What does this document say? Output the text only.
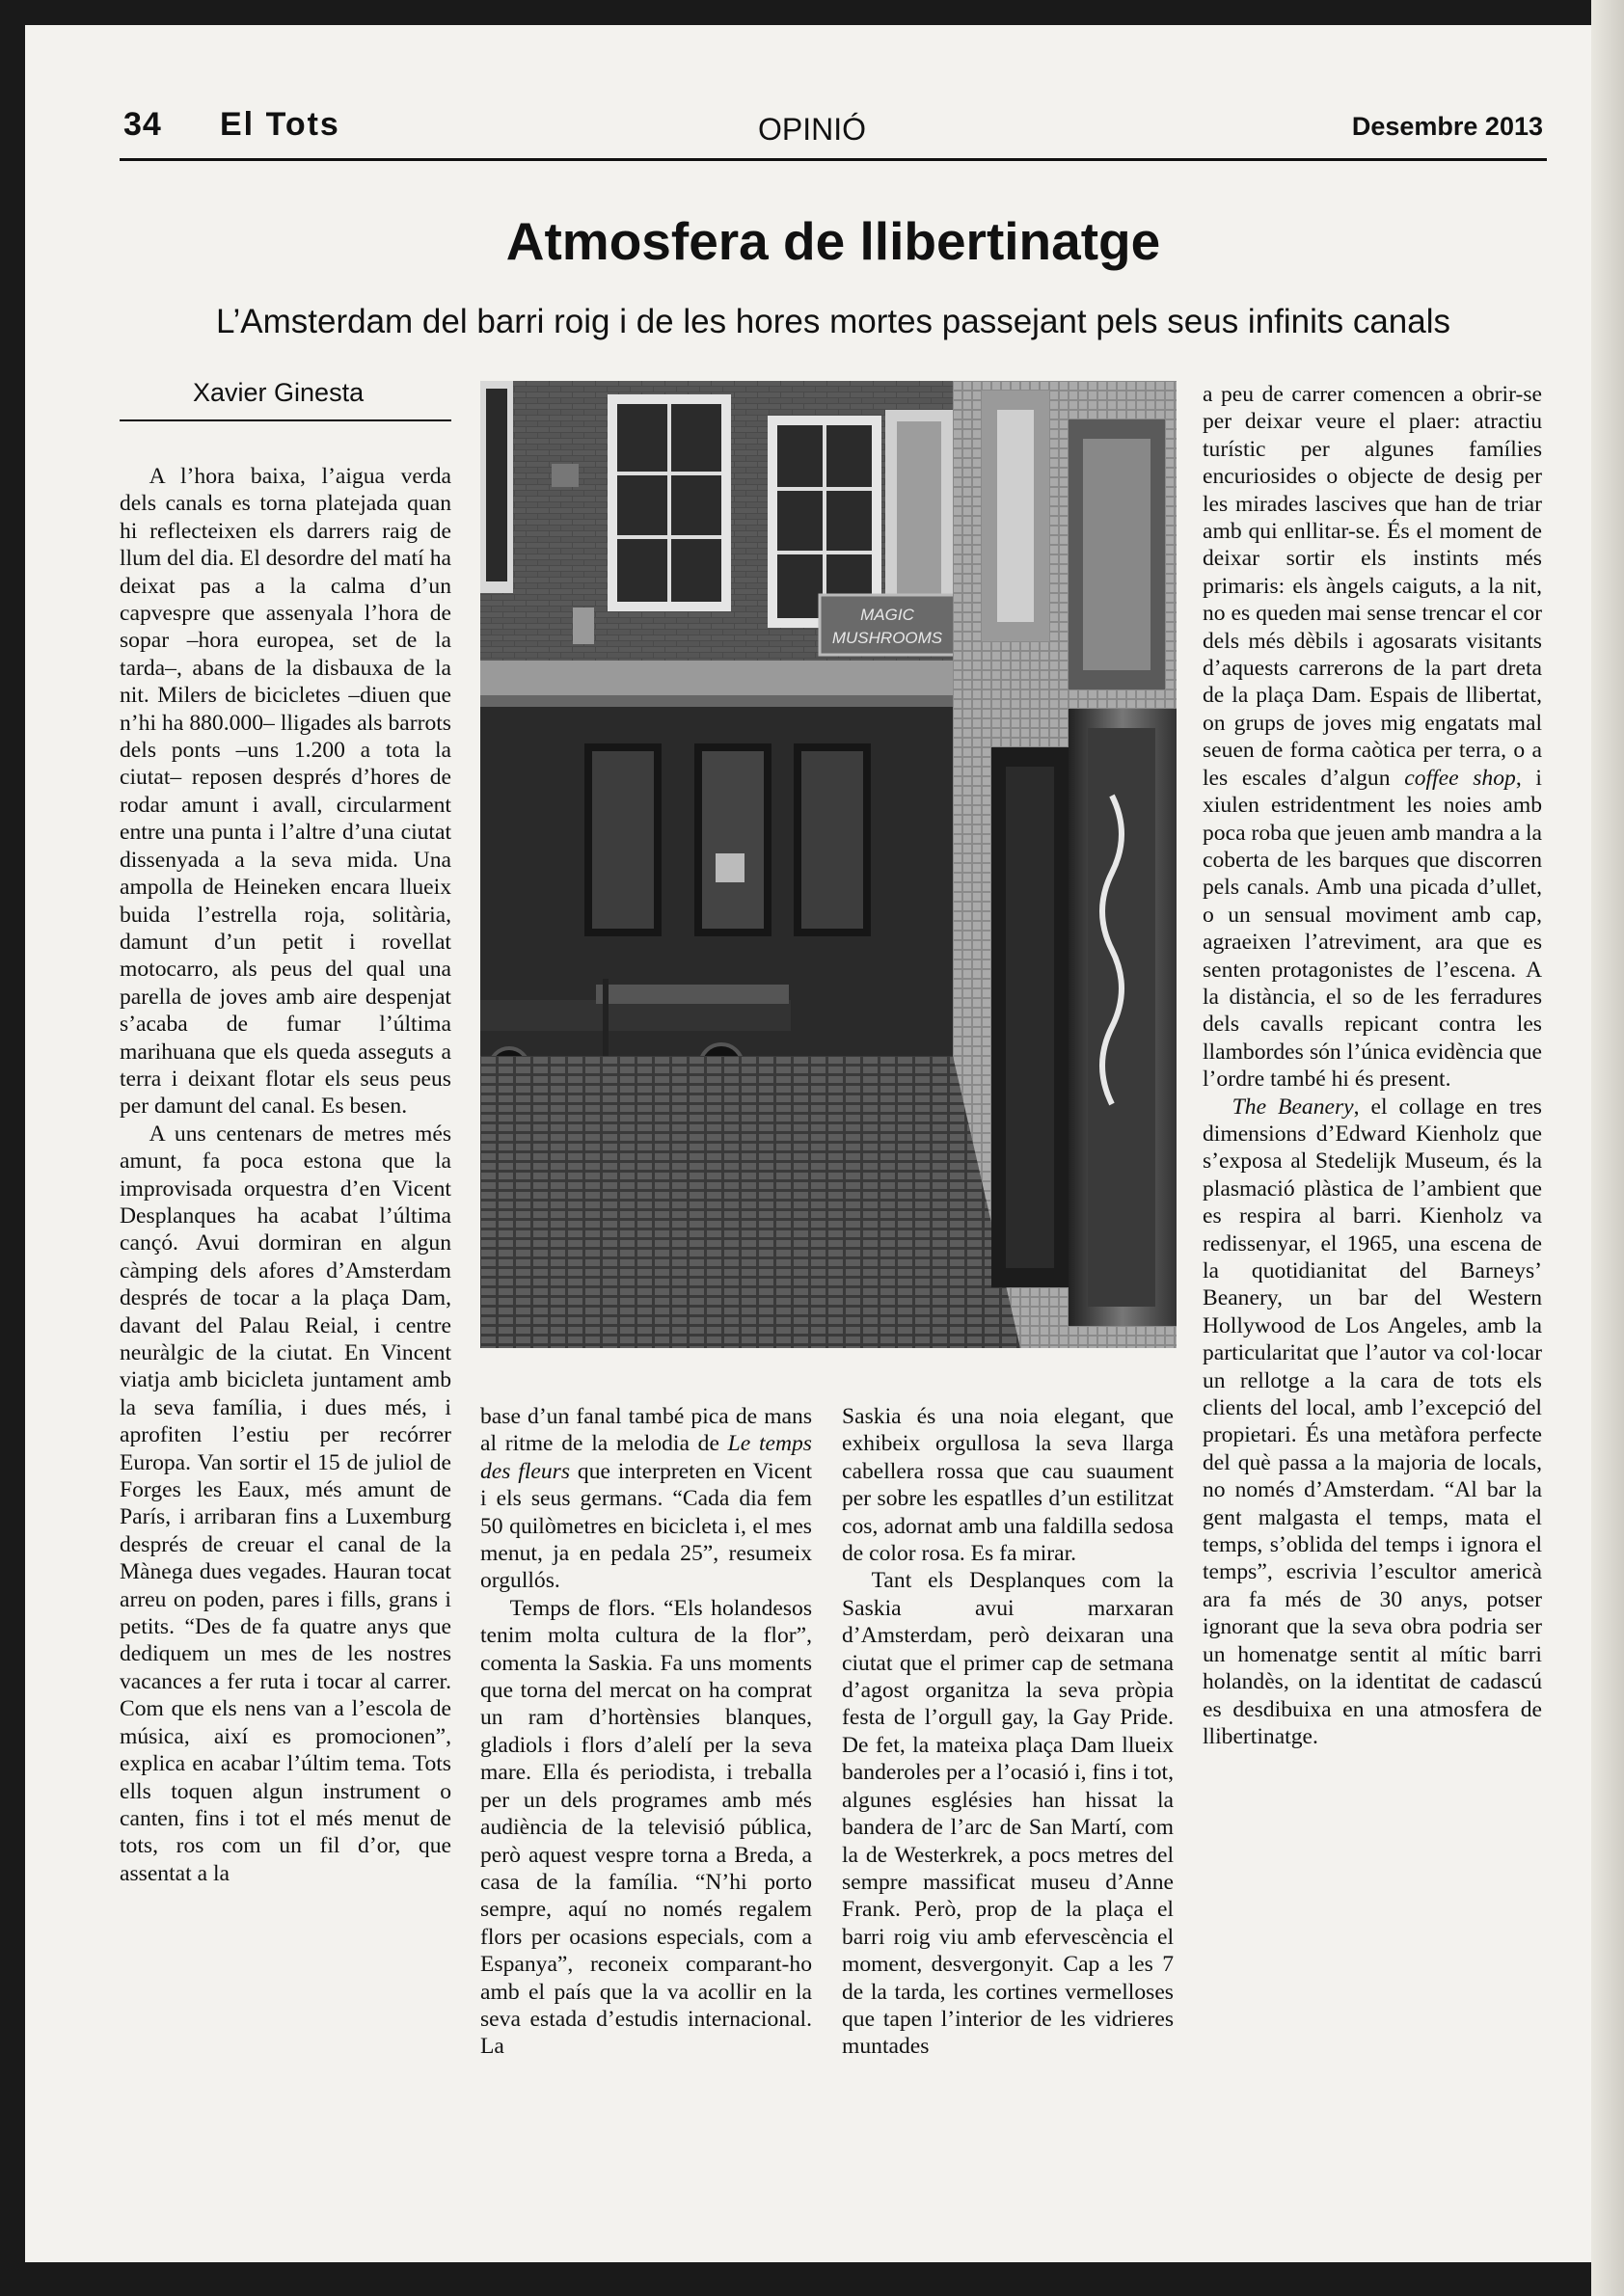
34 El Tots	OPINIÓ	Desembre 2013
Atmosfera de llibertinatge
L’Amsterdam del barri roig i de les hores mortes passejant pels seus infinits canals
Xavier Ginesta

A l’hora baixa, l’aigua verda dels canals es torna platejada quan hi reflecteixen els darrers raig de llum del dia. El desordre del matí ha deixat pas a la calma d’un capvespre que assenyala l’hora de sopar –hora europea, set de la tarda–, abans de la disbauxa de la nit. Milers de bicicletes –diuen que n’hi ha 880.000– lligades als barrots dels ponts –uns 1.200 a tota la ciutat– reposen després d’hores de rodar amunt i avall, circularment entre una punta i l’altre d’una ciutat dissenyada a la seva mida. Una ampolla de Heineken encara llueix buida l’estrella roja, solitària, damunt d’un petit i rovellat motocarro, als peus del qual una parella de joves amb aire despenjat s’acaba de fumar l’última marihuana que els queda asseguts a terra i deixant flotar els seus peus per damunt del canal. Es besen.

A uns centenars de metres més amunt, fa poca estona que la improvisada orquestra d’en Vicent Desplanques ha acabat l’última cançó. Avui dormiran en algun càmping dels afores d’Amsterdam després de tocar a la plaça Dam, davant del Palau Reial, i centre neuràlgic de la ciutat. En Vincent viatja amb bicicleta juntament amb la seva família, i dues més, i aprofiten l’estiu per recórrer Europa. Van sortir el 15 de juliol de Forges les Eaux, més amunt de París, i arribaran fins a Luxemburg després de creuar el canal de la Mànega dues vegades. Hauran tocat arreu on poden, pares i fills, grans i petits. “Des de fa quatre anys que dediquem un mes de les nostres vacances a fer ruta i tocar al carrer. Com que els nens van a l’escola de música, així es promocionen”, explica en acabar l’últim tema. Tots ells toquen algun instrument o canten, fins i tot el més menut de tots, ros com un fil d’or, que assentat a la

MAGIC
MUSHROOMS

base d’un fanal també pica de mans al ritme de la melodia de Le temps des fleurs que interpreten en Vicent i els seus germans. “Cada dia fem 50 quilòmetres en bicicleta i, el mes menut, ja en pedala 25”, resumeix orgullós.

Temps de flors. “Els holandesos tenim molta cultura de la flor”, comenta la Saskia. Fa uns moments que torna del mercat on ha comprat un ram d’hortènsies blanques, gladiols i flors d’alelí per la seva mare. Ella és periodista, i treballa per un dels programes amb més audiència de la televisió pública, però aquest vespre torna a Breda, a casa de la família. “N’hi porto sempre, aquí no només regalem flors per ocasions especials, com a Espanya”, reconeix comparant-ho amb el país que la va acollir en la seva estada d’estudis internacional. La

Saskia és una noia elegant, que exhibeix orgullosa la seva llarga cabellera rossa que cau suaument per sobre les espatlles d’un estilitzat cos, adornat amb una faldilla sedosa de color rosa. Es fa mirar.

Tant els Desplanques com la Saskia avui marxaran d’Amsterdam, però deixaran una ciutat que el primer cap de setmana d’agost organitza la seva pròpia festa de l’orgull gay, la Gay Pride. De fet, la mateixa plaça Dam llueix banderoles per a l’ocasió i, fins i tot, algunes esglésies han hissat la bandera de l’arc de San Martí, com la de Westerkrek, a pocs metres del sempre massificat museu d’Anne Frank. Però, prop de la plaça el barri roig viu amb efervescència el moment, desvergonyit. Cap a les 7 de la tarda, les cortines vermelloses que tapen l’interior de les vidrieres muntades

a peu de carrer comencen a obrir-se per deixar veure el plaer: atractiu turístic per algunes famílies encuriosides o objecte de desig per les mirades lascives que han de triar amb qui enllitar-se. És el moment de deixar sortir els instints més primaris: els àngels caiguts, a la nit, no es queden mai sense trencar el cor dels més dèbils i agosarats visitants d’aquests carrerons de la part dreta de la plaça Dam. Espais de llibertat, on grups de joves mig engatats mal seuen de forma caòtica per terra, o a les escales d’algun coffee shop, i xiulen estridentment les noies amb poca roba que jeuen amb mandra a la coberta de les barques que discorren pels canals. Amb una picada d’ullet, o un sensual moviment amb cap, agraeixen l’atreviment, ara que es senten protagonistes de l’escena. A la distància, el so de les ferradures dels cavalls repicant contra les llambordes són l’única evidència que l’ordre també hi és present.

The Beanery, el collage en tres dimensions d’Edward Kienholz que s’exposa al Stedelijk Museum, és la plasmació plàstica de l’ambient que es respira al barri. Kienholz va redissenyar, el 1965, una escena de la quotidianitat del Barneys’ Beanery, un bar del Western Hollywood de Los Angeles, amb la particularitat que l’autor va col·locar un rellotge a la cara de tots els clients del local, amb l’excepció del propietari. És una metàfora perfecte del què passa a la majoria de locals, no només d’Amsterdam. “Al bar la gent malgasta el temps, mata el temps, s’oblida del temps i ignora el temps”, escrivia l’escultor americà ara fa més de 30 anys, potser ignorant que la seva obra podria ser un homenatge sentit al mític barri holandès, on la identitat de cadascú es desdibuixa en una atmosfera de llibertinatge.
